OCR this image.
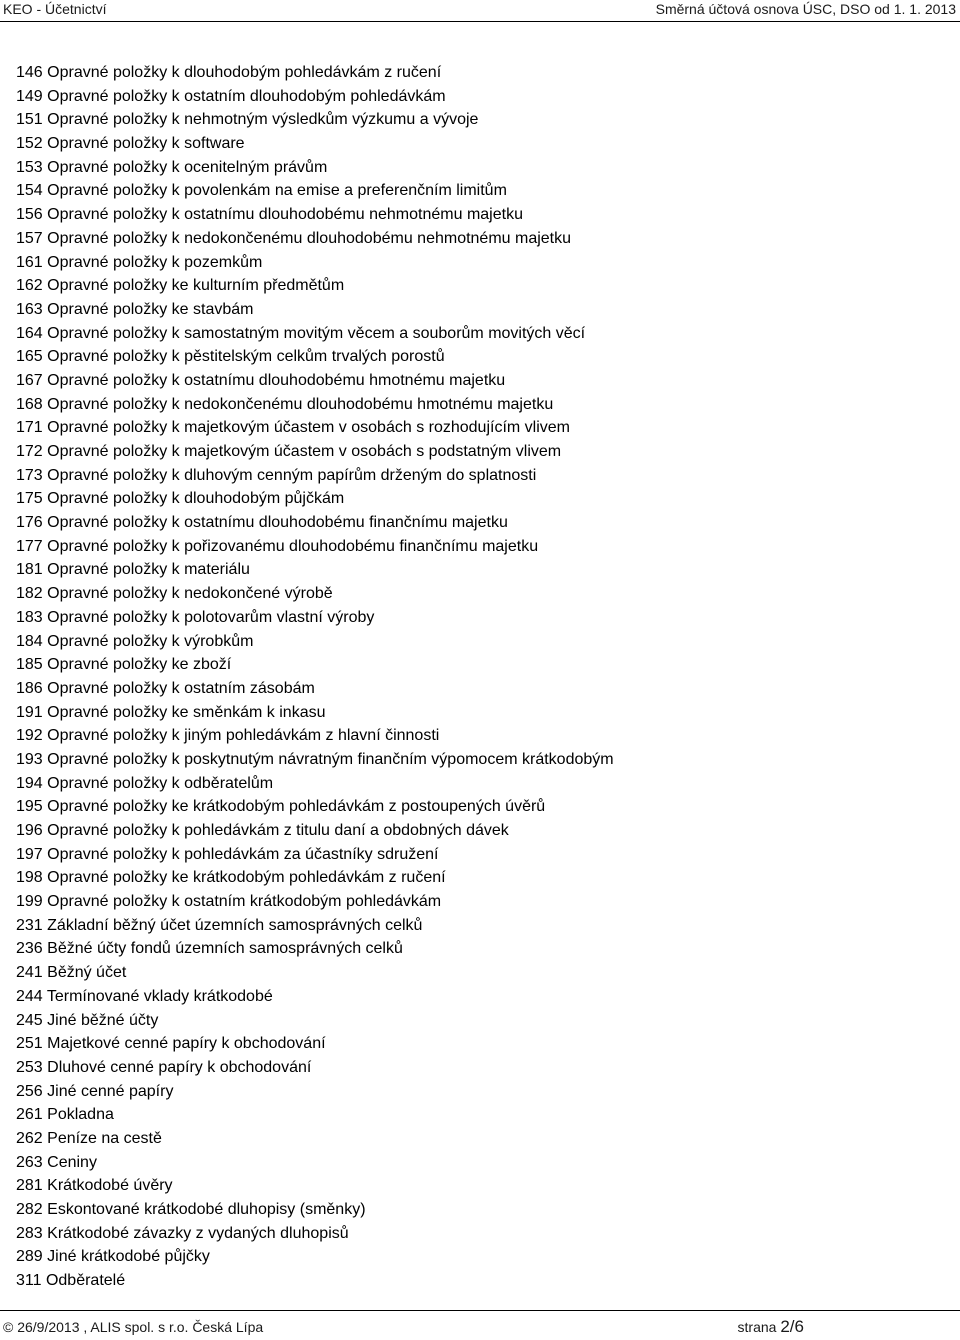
KEO - Účetnictví	Směrná účtová osnova ÚSC, DSO od 1. 1. 2013
146 Opravné položky k dlouhodobým pohledávkám z ručení
149 Opravné položky k ostatním dlouhodobým pohledávkám
151 Opravné položky k nehmotným výsledkům výzkumu a vývoje
152 Opravné položky k software
153 Opravné položky k ocenitelným právům
154 Opravné položky k povolenkám na emise a preferenčním limitům
156 Opravné položky k ostatnímu dlouhodobému nehmotnému majetku
157 Opravné položky k nedokončenému dlouhodobému nehmotnému majetku
161 Opravné položky k pozemkům
162 Opravné položky ke kulturním předmětům
163 Opravné položky ke stavbám
164 Opravné položky k samostatným movitým věcem a souborům movitých věcí
165 Opravné položky k pěstitelským celkům trvalých porostů
167 Opravné položky k ostatnímu dlouhodobému hmotnému majetku
168 Opravné položky k nedokončenému dlouhodobému hmotnému majetku
171 Opravné položky k majetkovým účastem v osobách s rozhodujícím vlivem
172 Opravné položky k majetkovým účastem v osobách s podstatným vlivem
173 Opravné položky k dluhovým cenným papírům drženým do splatnosti
175 Opravné položky k dlouhodobým půjčkám
176 Opravné položky k ostatnímu dlouhodobému finančnímu majetku
177 Opravné položky k pořizovanému dlouhodobému finančnímu majetku
181 Opravné položky k materiálu
182 Opravné položky k nedokončené výrobě
183 Opravné položky k polotovarům vlastní výroby
184 Opravné položky k výrobkům
185 Opravné položky ke zboží
186 Opravné položky k ostatním zásobám
191 Opravné položky ke směnkám k inkasu
192 Opravné položky k jiným pohledávkám z hlavní činnosti
193 Opravné položky k poskytnutým návratným finančním výpomocem krátkodobým
194 Opravné položky k odběratelům
195 Opravné položky ke krátkodobým pohledávkám z postoupených úvěrů
196 Opravné položky k pohledávkám z titulu daní a obdobných dávek
197 Opravné položky k pohledávkám za účastníky sdružení
198 Opravné položky ke krátkodobým pohledávkám z ručení
199 Opravné položky k ostatním krátkodobým pohledávkám
231 Základní běžný účet územních samosprávných celků
236 Běžné účty fondů územních samosprávných celků
241 Běžný účet
244 Termínované vklady krátkodobé
245 Jiné běžné účty
251 Majetkové cenné papíry k obchodování
253 Dluhové cenné papíry k obchodování
256 Jiné cenné papíry
261 Pokladna
262 Peníze na cestě
263 Ceniny
281 Krátkodobé úvěry
282 Eskontované krátkodobé dluhopisy (směnky)
283 Krátkodobé závazky z vydaných dluhopisů
289 Jiné krátkodobé půjčky
311 Odběratelé
© 26/9/2013 , ALIS spol. s r.o. Česká Lípa	strana 2/6
